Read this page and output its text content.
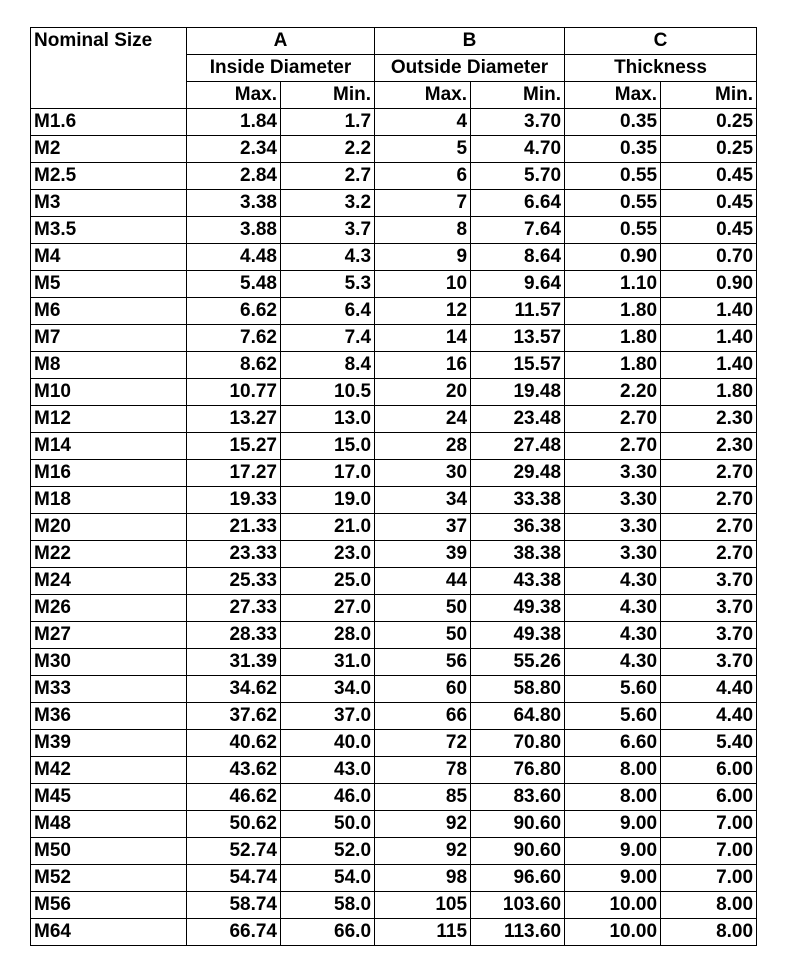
Nominal Size	A		B		C	
	Inside Diameter		Outside Diameter		Thickness	
	Max.	Min.	Max.	Min.	Max.	Min.
M1.6	1.84	1.7	4	3.70	0.35	0.25
M2	2.34	2.2	5	4.70	0.35	0.25
M2.5	2.84	2.7	6	5.70	0.55	0.45
M3	3.38	3.2	7	6.64	0.55	0.45
M3.5	3.88	3.7	8	7.64	0.55	0.45
M4	4.48	4.3	9	8.64	0.90	0.70
M5	5.48	5.3	10	9.64	1.10	0.90
M6	6.62	6.4	12	11.57	1.80	1.40
M7	7.62	7.4	14	13.57	1.80	1.40
M8	8.62	8.4	16	15.57	1.80	1.40
M10	10.77	10.5	20	19.48	2.20	1.80
M12	13.27	13.0	24	23.48	2.70	2.30
M14	15.27	15.0	28	27.48	2.70	2.30
M16	17.27	17.0	30	29.48	3.30	2.70
M18	19.33	19.0	34	33.38	3.30	2.70
M20	21.33	21.0	37	36.38	3.30	2.70
M22	23.33	23.0	39	38.38	3.30	2.70
M24	25.33	25.0	44	43.38	4.30	3.70
M26	27.33	27.0	50	49.38	4.30	3.70
M27	28.33	28.0	50	49.38	4.30	3.70
M30	31.39	31.0	56	55.26	4.30	3.70
M33	34.62	34.0	60	58.80	5.60	4.40
M36	37.62	37.0	66	64.80	5.60	4.40
M39	40.62	40.0	72	70.80	6.60	5.40
M42	43.62	43.0	78	76.80	8.00	6.00
M45	46.62	46.0	85	83.60	8.00	6.00
M48	50.62	50.0	92	90.60	9.00	7.00
M50	52.74	52.0	92	90.60	9.00	7.00
M52	54.74	54.0	98	96.60	9.00	7.00
M56	58.74	58.0	105	103.60	10.00	8.00
M64	66.74	66.0	115	113.60	10.00	8.00
